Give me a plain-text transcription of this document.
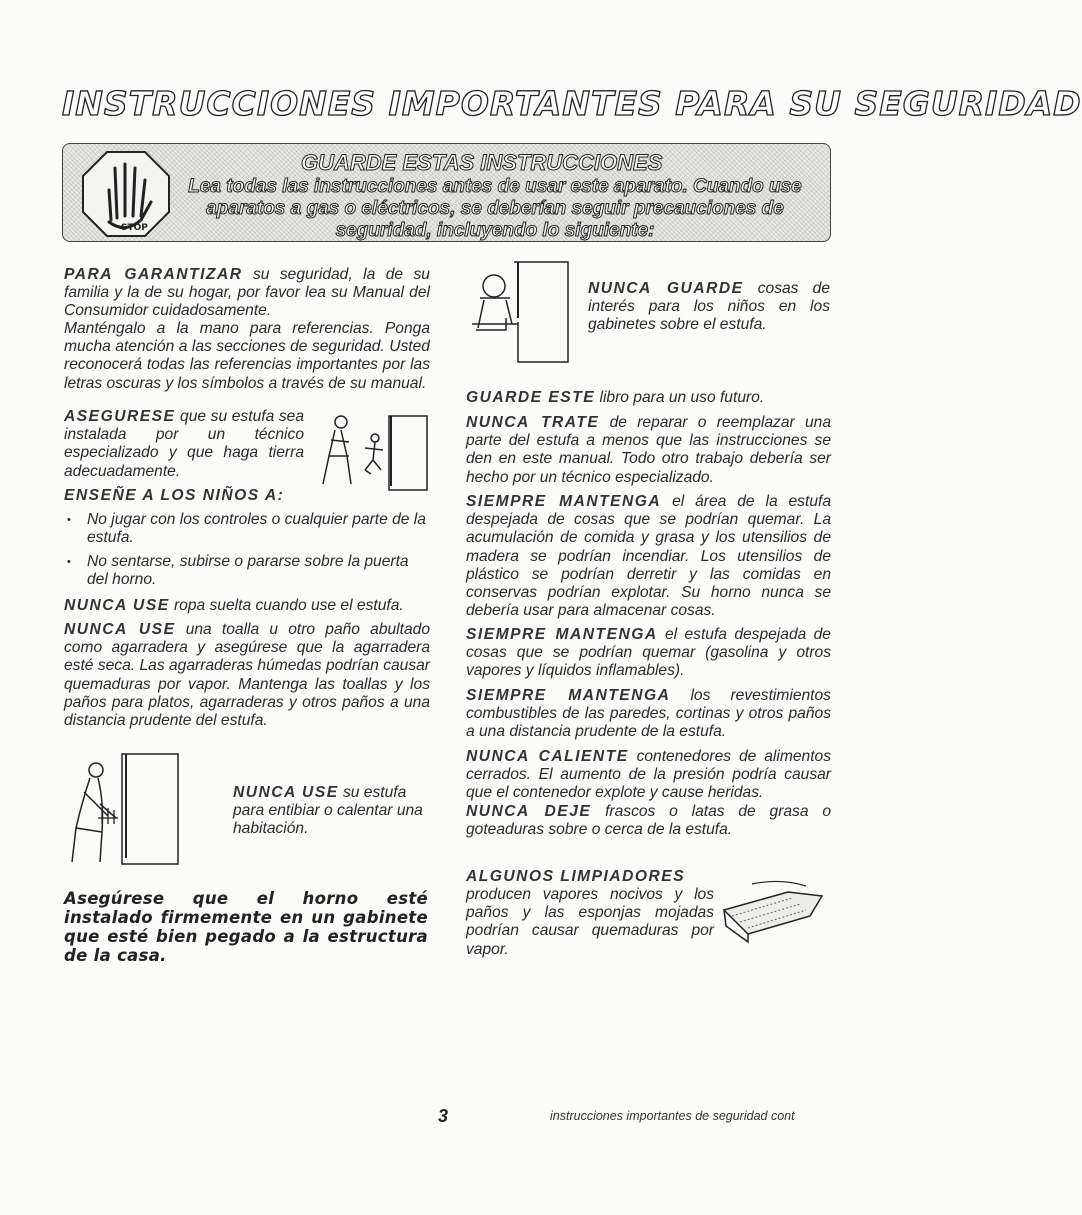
INSTRUCCIONES IMPORTANTES PARA SU SEGURIDAD
STOP
GUARDE ESTAS INSTRUCCIONES
Lea todas las instrucciones antes de usar este aparato. Cuando use aparatos a gas o eléctricos, se deberían seguir precauciones de seguridad, incluyendo lo siguiente:
PARA GARANTIZAR su seguridad, la de su familia y la de su hogar, por favor lea su Manual del Consumidor cuidadosamente.
Manténgalo a la mano para referencias. Ponga mucha atención a las secciones de seguridad. Usted reconocerá todas las referencias importantes por las letras oscuras y los símbolos a través de su manual.
ASEGURESE que su estufa sea instalada por un técnico especializado y que haga tierra adecuadamente.
ENSEÑE A LOS NIÑOS A:
• No jugar con los controles o cualquier parte de la estufa.
• No sentarse, subirse o pararse sobre la puerta del horno.
NUNCA USE ropa suelta cuando use el estufa.
NUNCA USE una toalla u otro paño abultado como agarradera y asegúrese que la agarradera esté seca. Las agarraderas húmedas podrían causar quemaduras por vapor. Mantenga las toallas y los paños para platos, agarraderas y otros paños a una distancia prudente del estufa.
NUNCA USE su estufa para entibiar o calentar una habitación.
Asegúrese que el horno esté instalado firmemente en un gabinete que esté bien pegado a la estructura de la casa.
NUNCA GUARDE cosas de interés para los niños en los gabinetes sobre el estufa.
GUARDE ESTE libro para un uso futuro.
NUNCA TRATE de reparar o reemplazar una parte del estufa a menos que las instrucciones se den en este manual. Todo otro trabajo debería ser hecho por un técnico especializado.
SIEMPRE MANTENGA el área de la estufa despejada de cosas que se podrían quemar. La acumulación de comida y grasa y los utensilios de madera se podrían incendiar. Los utensilios de plástico se podrían derretir y las comidas en conservas podrían explotar. Su horno nunca se debería usar para almacenar cosas.
SIEMPRE MANTENGA el estufa despejada de cosas que se podrían quemar (gasolina y otros vapores y líquidos inflamables).
SIEMPRE MANTENGA los revestimientos combustibles de las paredes, cortinas y otros paños a una distancia prudente de la estufa.
NUNCA CALIENTE contenedores de alimentos cerrados. El aumento de la presión podría causar que el contenedor explote y cause heridas.
NUNCA DEJE frascos o latas de grasa o goteaduras sobre o cerca de la estufa.
ALGUNOS LIMPIADORES
producen vapores nocivos y los paños y las esponjas mojadas podrían causar quemaduras por vapor.
3	instrucciones importantes de seguridad cont
